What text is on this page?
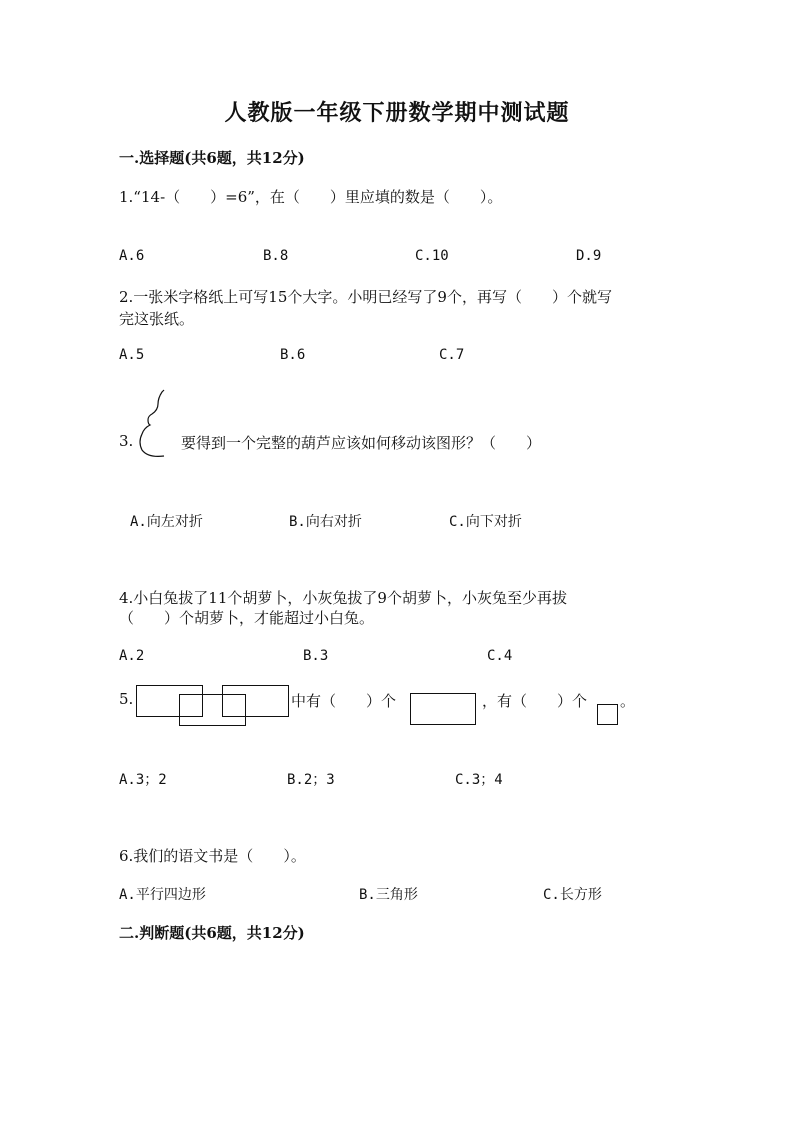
人教版一年级下册数学期中测试题
一.选择题(共6题，共12分)
1.“14-（　　）=6”，在（　　）里应填的数是（　　）。
A.6	B.8	C.10	D.9
2.一张米字格纸上可写15个大字。小明已经写了9个，再写（　　）个就写
完这张纸。
A.5	B.6	C.7
3.	要得到一个完整的葫芦应该如何移动该图形？（　　）
A.向左对折	B.向右对折	C.向下对折
4.小白兔拔了11个胡萝卜，小灰兔拔了9个胡萝卜，小灰兔至少再拔
（　　）个胡萝卜，才能超过小白兔。
A.2	B.3	C.4
5.	中有（　　）个	，有（　　）个 。
A.3；2	B.2；3	C.3；4
6.我们的语文书是（　　）。
A.平行四边形	B.三角形	C.长方形
二.判断题(共6题，共12分)
